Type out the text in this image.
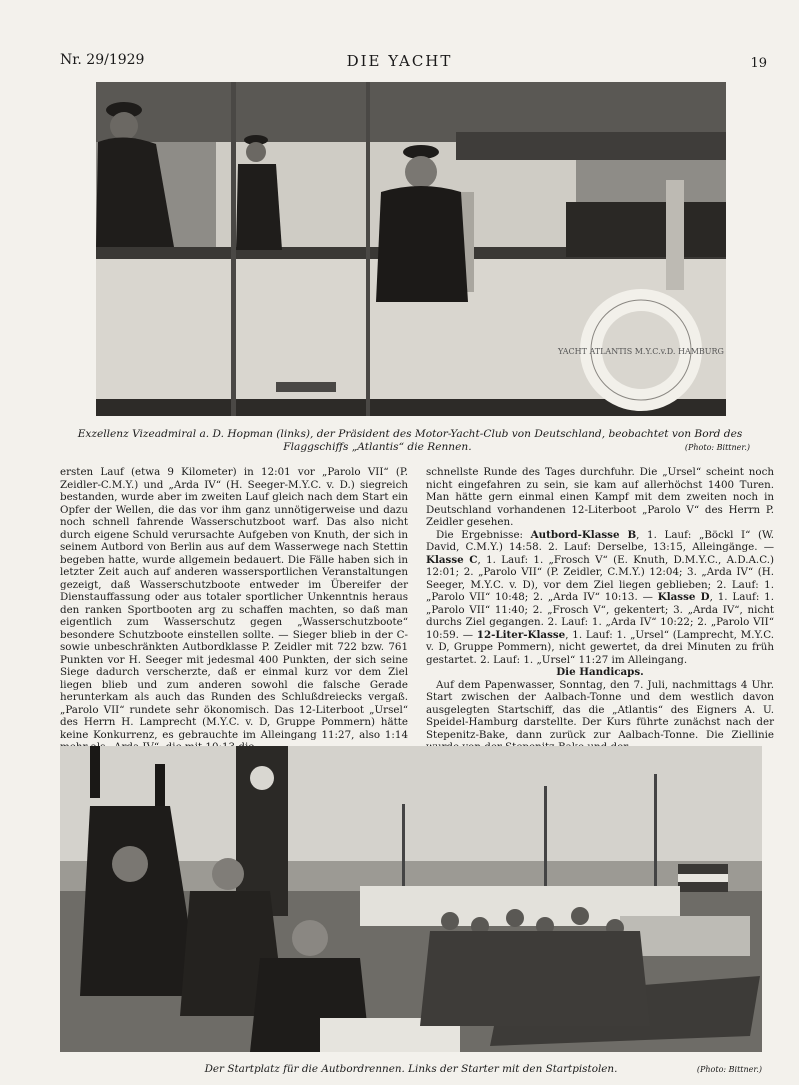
Nr. 29/1929	DIE YACHT	19
YACHT ATLANTIS M.Y.C.v.D. HAMBURG
Exzellenz Vizeadmiral a. D. Hopman (links), der Präsident des Motor-Yacht-Club von Deutschland, beobachtet von Bord des Flaggschiffs „Atlantis“ die Rennen.	(Photo: Bittner.)

ersten Lauf (etwa 9 Kilometer) in 12:01 vor „Parolo VII“ (P. Zeidler-C.M.Y.) und „Arda IV“ (H. Seeger-M.Y.C. v. D.) siegreich bestanden, wurde aber im zweiten Lauf gleich nach dem Start ein Opfer der Wellen, die das vor ihm ganz unnötigerweise und dazu noch schnell fahrende Wasserschutzboot warf. Das also nicht durch eigene Schuld verursachte Aufgeben von Knuth, der sich in seinem Autbord von Berlin aus auf dem Wasserwege nach Stettin begeben hatte, wurde allgemein bedauert. Die Fälle haben sich in letzter Zeit auch auf anderen wassersportlichen Veranstaltungen gezeigt, daß Wasserschutzboote entweder im Übereifer der Dienstauffassung oder aus totaler sportlicher Unkenntnis heraus den ranken Sportbooten arg zu schaffen machten, so daß man eigentlich zum Wasserschutz gegen „Wasserschutzboote“ besondere Schutzboote einstellen sollte. — Sieger blieb in der C- sowie unbeschränkten Autbordklasse P. Zeidler mit 722 bzw. 761 Punkten vor H. Seeger mit jedesmal 400 Punkten, der sich seine Siege dadurch verscherzte, daß er einmal kurz vor dem Ziel liegen blieb und zum anderen sowohl die falsche Gerade herunterkam als auch das Runden des Schlußdreiecks vergaß. „Parolo VII“ rundete sehr ökonomisch. Das 12-Literboot „Ursel“ des Herrn H. Lamprecht (M.Y.C. v. D, Gruppe Pommern) hätte keine Konkurrenz, es gebrauchte im Alleingang 11:27, also 1:14

schnellste Runde des Tages durchfuhr. Die „Ursel“ scheint noch nicht eingefahren zu sein, sie kam auf allerhöchst 1400 Turen. Man hätte gern einmal einen Kampf mit dem zweiten noch in Deutschland vorhandenen 12-Literboot „Parolo V“ des Herrn P. Zeidler gesehen.

Die Ergebnisse: Autbord-Klasse B, 1. Lauf: „Böckl I“ (W. David, C.M.Y.) 14:58. 2. Lauf: Derselbe, 13:15, Alleingänge. — Klasse C, 1. Lauf: 1. „Frosch V“ (E. Knuth, D.M.Y.C., A.D.A.C.) 12:01; 2. „Parolo VII“ (P. Zeidler, C.M.Y.) 12:04; 3. „Arda IV“ (H. Seeger, M.Y.C. v. D), vor dem Ziel liegen geblieben; 2. Lauf: 1. „Parolo VII“ 10:48; 2. „Arda IV“ 10:13. — Klasse D, 1. Lauf: 1. „Parolo VII“ 11:40; 2. „Frosch V“, gekentert; 3. „Arda IV“, nicht durchs Ziel gegangen. 2. Lauf: 1. „Arda IV“ 10:22; 2. „Parolo VII“ 10:59. — 12-Liter-Klasse, 1. Lauf: 1. „Ursel“ (Lamprecht, M.Y.C. v. D, Gruppe Pommern), nicht gewertet, da drei Minuten zu früh gestartet. 2. Lauf: 1. „Ursel“ 11:27 im Alleingang.

Die Handicaps.

Auf dem Papenwasser, Sonntag, den 7. Juli, nachmittags 4 Uhr. Start zwischen der Aalbach-Tonne und dem westlich davon ausgelegten Startschiff, das die „Atlantis“ des Eigners A. U. Speidel-Hamburg darstellte. Der Kurs führte zunächst nach der Stepenitz-Bake, dann zurück zur Aalbach-Tonne. Die Ziellinie

Der Startplatz für die Autbordrennen. Links der Starter mit den Startpistolen.	(Photo: Bittner.)
